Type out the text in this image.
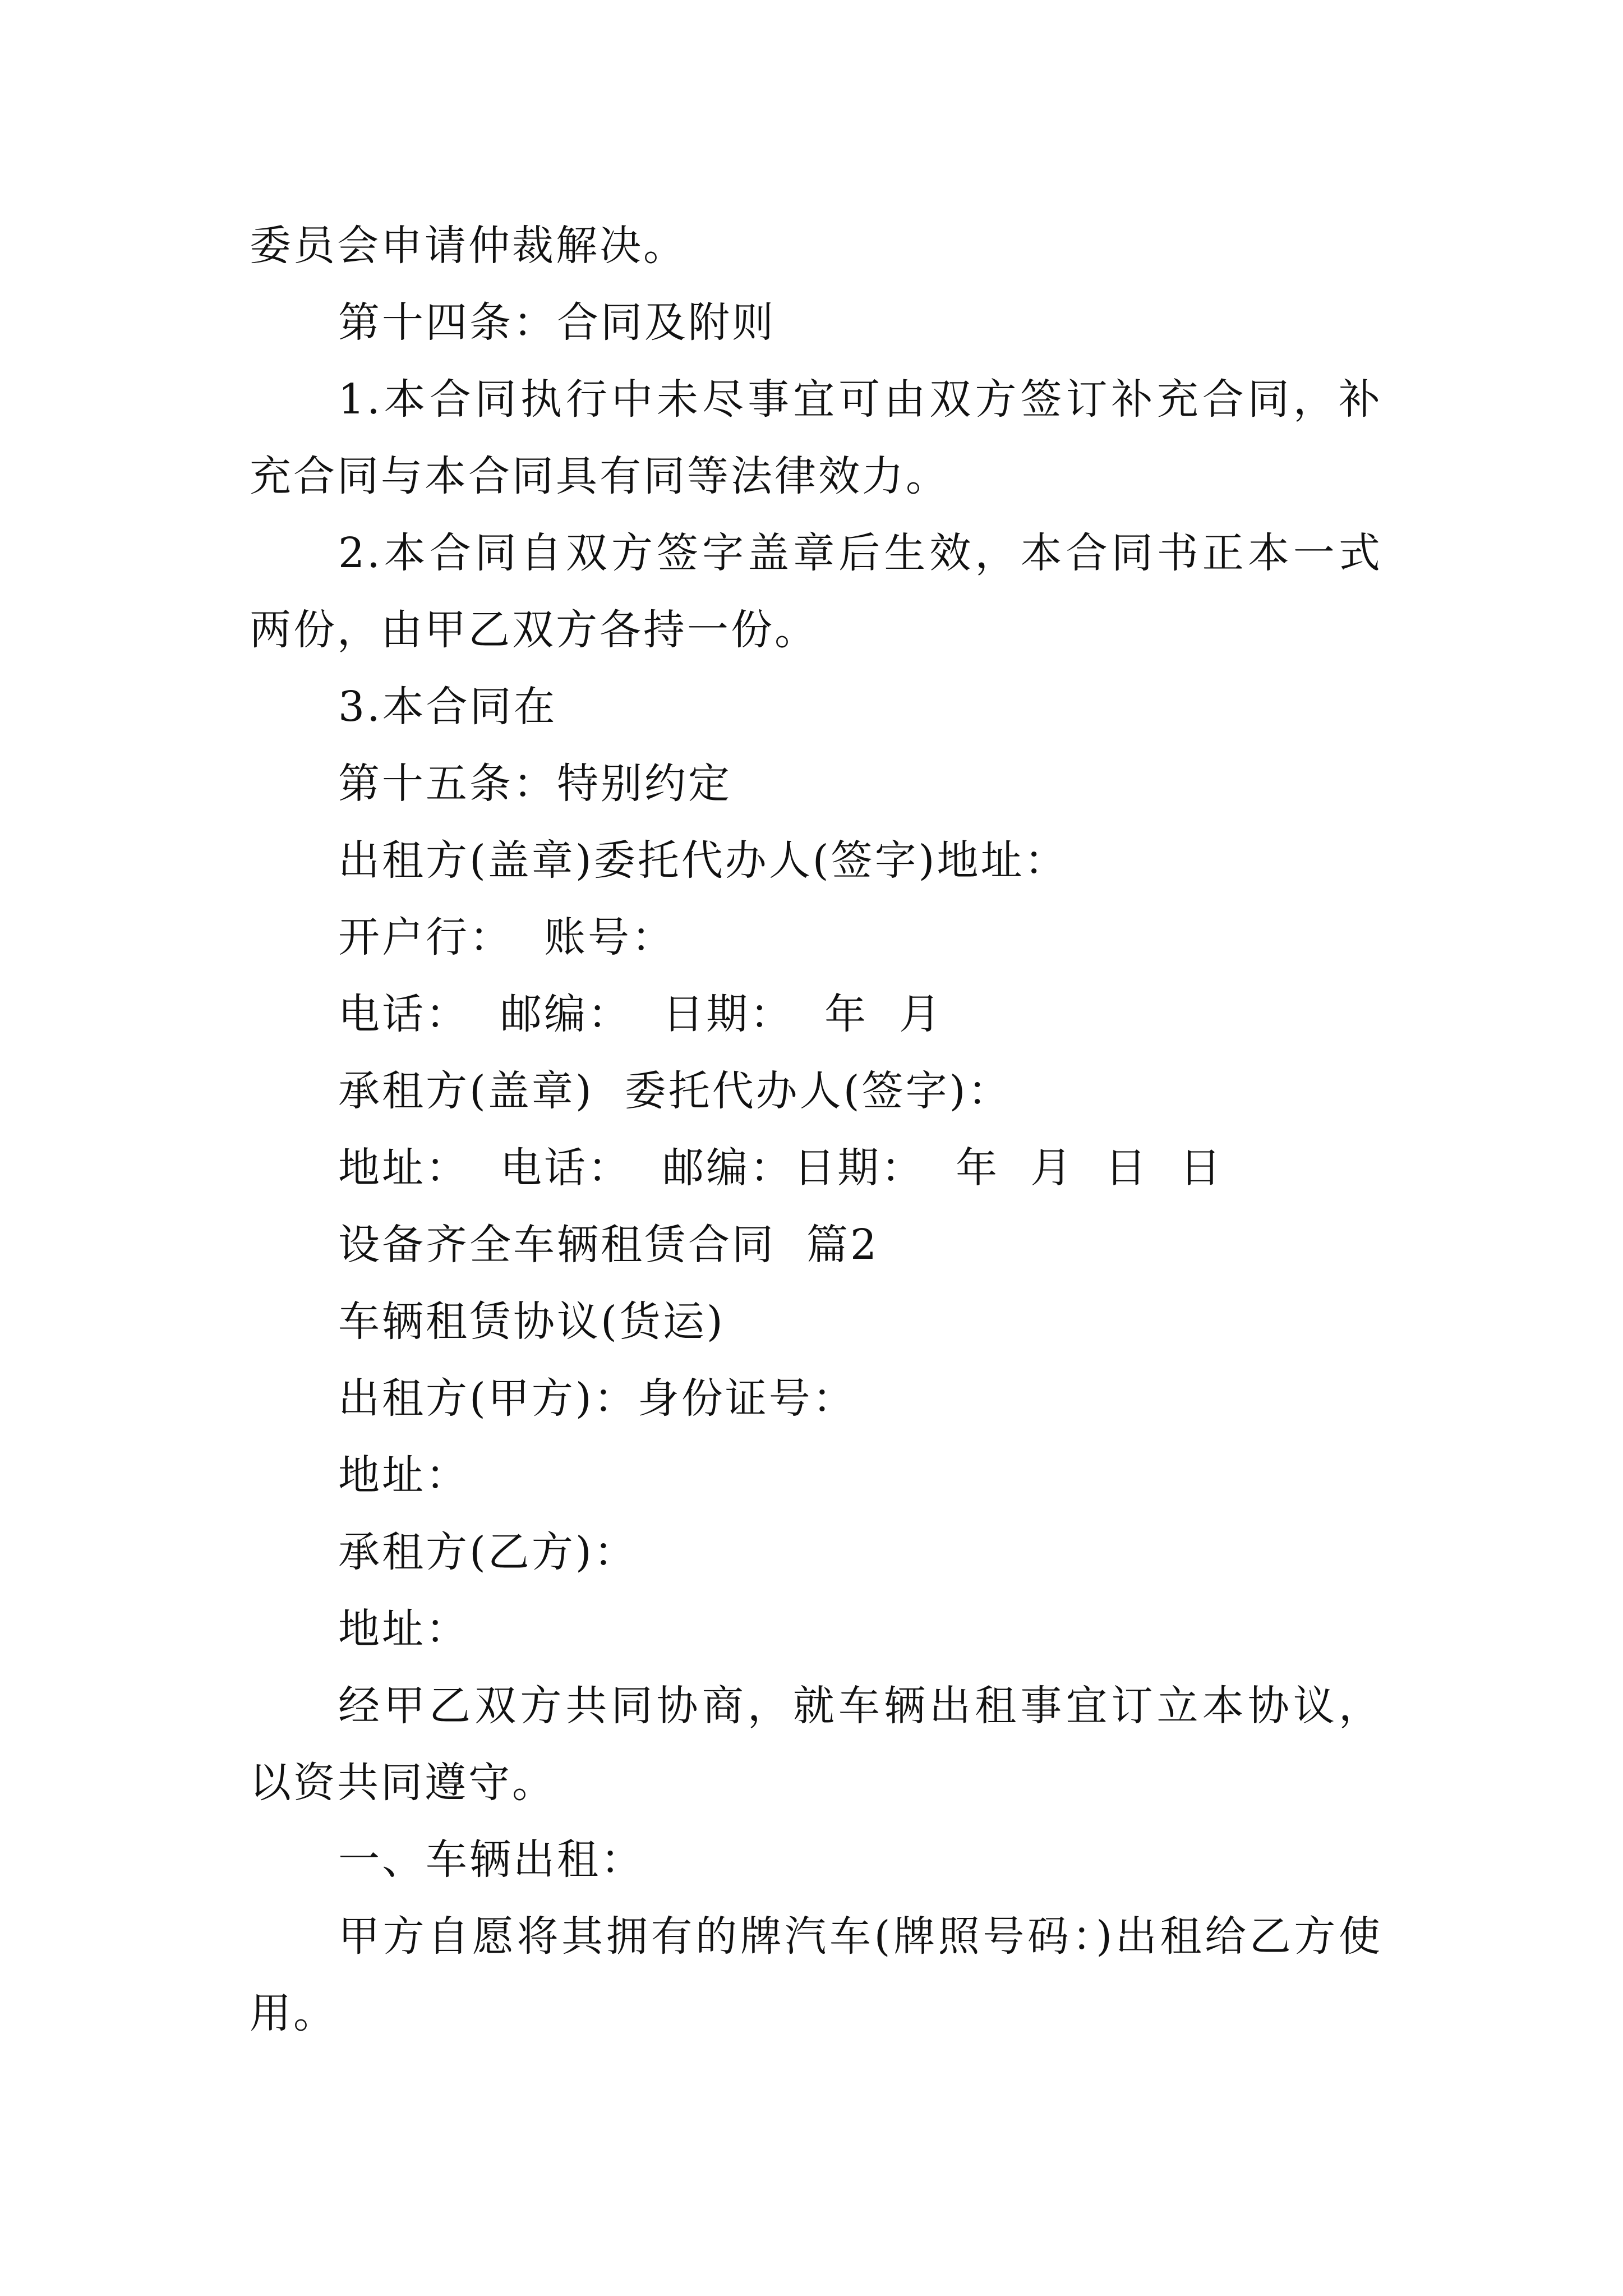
委员会申请仲裁解决。

第十四条：合同及附则

1.本合同执行中未尽事宜可由双方签订补充合同，补充合同与本合同具有同等法律效力。

2.本合同自双方签字盖章后生效，本合同书正本一式两份，由甲乙双方各持一份。

3.本合同在

第十五条：特别约定

出租方(盖章)委托代办人(签字)地址：

开户行：  账号：

电话：  邮编：  日期：  年  月

承租方(盖章)  委托代办人(签字)：

地址：  电话：  邮编：日期：  年  月  日  日

设备齐全车辆租赁合同  篇2

车辆租赁协议(货运)

出租方(甲方)：身份证号：

地址：

承租方(乙方)：

地址：

经甲乙双方共同协商，就车辆出租事宜订立本协议，以资共同遵守。

一、车辆出租：

甲方自愿将其拥有的牌汽车(牌照号码：)出租给乙方使用。
